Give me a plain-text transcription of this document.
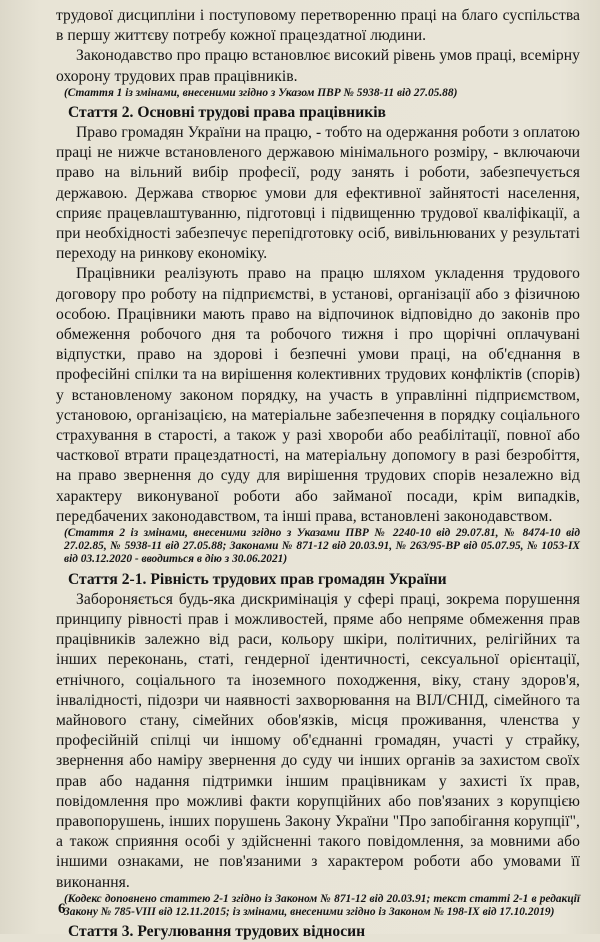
трудової дисципліни і поступовому перетворенню праці на благо суспільства в першу життєву потребу кожної працездатної людини.

Законодавство про працю встановлює високий рівень умов праці, всемірну охорону трудових прав працівників.

(Стаття 1 із змінами, внесеними згідно з Указом ПВР № 5938-11 від 27.05.88)

Стаття 2. Основні трудові права працівників

Право громадян України на працю, - тобто на одержання роботи з оплатою праці не нижче встановленого державою мінімального розміру, - включаючи право на вільний вибір професії, роду занять і роботи, забезпечується державою. Держава створює умови для ефективної зайнятості населення, сприяє працевлаштуванню, підготовці і підвищенню трудової кваліфікації, а при необхідності забезпечує перепідготовку осіб, вивільнюваних у результаті переходу на ринкову економіку.

Працівники реалізують право на працю шляхом укладення трудового договору про роботу на підприємстві, в установі, організації або з фізичною особою. Працівники мають право на відпочинок відповідно до законів про обмеження робочого дня та робочого тижня і про щорічні оплачувані відпустки, право на здорові і безпечні умови праці, на об'єднання в професійні спілки та на вирішення колективних трудових конфліктів (спорів) у встановленому законом порядку, на участь в управлінні підприємством, установою, організацією, на матеріальне забезпечення в порядку соціального страхування в старості, а також у разі хвороби або реабілітації, повної або часткової втрати працездатності, на матеріальну допомогу в разі безробіття, на право звернення до суду для вирішення трудових спорів незалежно від характеру виконуваної роботи або займаної посади, крім випадків, передбачених законодавством, та інші права, встановлені законодавством.

(Стаття 2 із змінами, внесеними згідно з Указами ПВР № 2240-10 від 29.07.81, № 8474-10 від 27.02.85, № 5938-11 від 27.05.88; Законами № 871-12 від 20.03.91, № 263/95-ВР від 05.07.95, № 1053-IX від 03.12.2020 - вводиться в дію з 30.06.2021)

Стаття 2-1. Рівність трудових прав громадян України

Забороняється будь-яка дискримінація у сфері праці, зокрема порушення принципу рівності прав і можливостей, пряме або непряме обмеження прав працівників залежно від раси, кольору шкіри, політичних, релігійних та інших переконань, статі, гендерної ідентичності, сексуальної орієнтації, етнічного, соціального та іноземного походження, віку, стану здоров'я, інвалідності, підозри чи наявності захворювання на ВІЛ/СНІД, сімейного та майнового стану, сімейних обов'язків, місця проживання, членства у професійній спілці чи іншому об'єднанні громадян, участі у страйку, звернення або наміру звернення до суду чи інших органів за захистом своїх прав або надання підтримки іншим працівникам у захисті їх прав, повідомлення про можливі факти корупційних або пов'язаних з корупцією правопорушень, інших порушень Закону України "Про запобігання корупції", а також сприяння особі у здійсненні такого повідомлення, за мовними або іншими ознаками, не пов'язаними з характером роботи або умовами її виконання.

(Кодекс доповнено статтею 2-1 згідно із Законом № 871-12 від 20.03.91; текст статті 2-1 в редакції Закону № 785-VIII від 12.11.2015; із змінами, внесеними згідно із Законом № 198-IX від 17.10.2019)

Стаття 3. Регулювання трудових відносин

6
